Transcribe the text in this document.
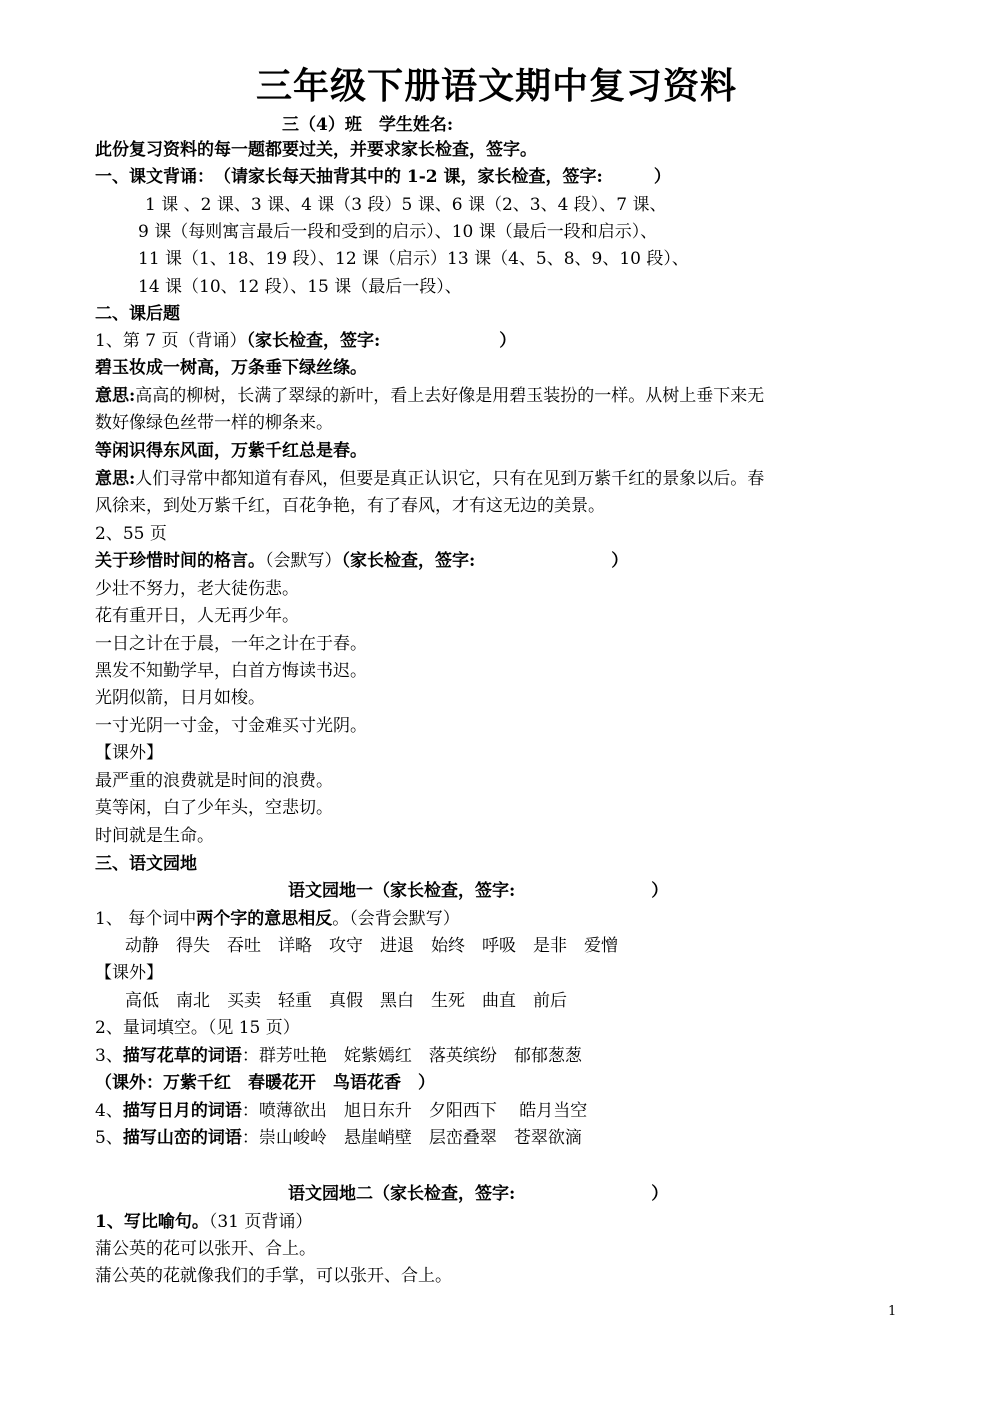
三年级下册语文期中复习资料
三（4）班　学生姓名:
此份复习资料的每一题都要过关，并要求家长检查，签字。
一、课文背诵：　（请家长每天抽背其中的 1-2 课，家长检查，签字:　　　）
1 课 、2 课、3 课、4 课（3 段）5 课、6 课（2、3、4 段）、7 课、
9 课（每则寓言最后一段和受到的启示）、10 课（最后一段和启示）、
11 课（1、18、19 段）、12 课（启示）13 课（4、5、8、9、10 段）、
14 课（10、12 段）、15 课（最后一段）、
二、课后题
1、第 7 页（背诵）（家长检查，签字:　　　　　　　）
碧玉妆成一树高，万条垂下绿丝绦。
意思:高高的柳树，长满了翠绿的新叶，看上去好像是用碧玉装扮的一样。从树上垂下来无
数好像绿色丝带一样的柳条来。
等闲识得东风面，万紫千红总是春。
意思:人们寻常中都知道有春风，但要是真正认识它，只有在见到万紫千红的景象以后。春
风徐来，到处万紫千红，百花争艳，有了春风，才有这无边的美景。
2、55 页
关于珍惜时间的格言。（会默写）（家长检查，签字:　　　　　　　　）
少壮不努力，老大徒伤悲。
花有重开日，人无再少年。
一日之计在于晨，一年之计在于春。
黑发不知勤学早，白首方悔读书迟。
光阴似箭，日月如梭。
一寸光阴一寸金，寸金难买寸光阴。
【课外】
最严重的浪费就是时间的浪费。
莫等闲，白了少年头，空悲切。
时间就是生命。
三、语文园地
语文园地一（家长检查，签字:　　　　　　　　）
1、 每个词中两个字的意思相反。（会背会默写）
动静　得失　吞吐　详略　攻守　进退　始终　呼吸　是非　爱憎
【课外】
高低　南北　买卖　轻重　真假　黑白　生死　曲直　前后
2、量词填空。（见 15 页）
3、描写花草的词语：群芳吐艳　姹紫嫣红　落英缤纷　郁郁葱葱
（课外：万紫千红　春暖花开　鸟语花香　）
4、描写日月的词语：喷薄欲出　旭日东升　夕阳西下　 皓月当空
5、描写山峦的词语：崇山峻岭　悬崖峭壁　层峦叠翠　苍翠欲滴
语文园地二（家长检查，签字:　　　　　　　　）
1、写比喻句。（31 页背诵）
蒲公英的花可以张开、合上。
蒲公英的花就像我们的手掌，可以张开、合上。
1
